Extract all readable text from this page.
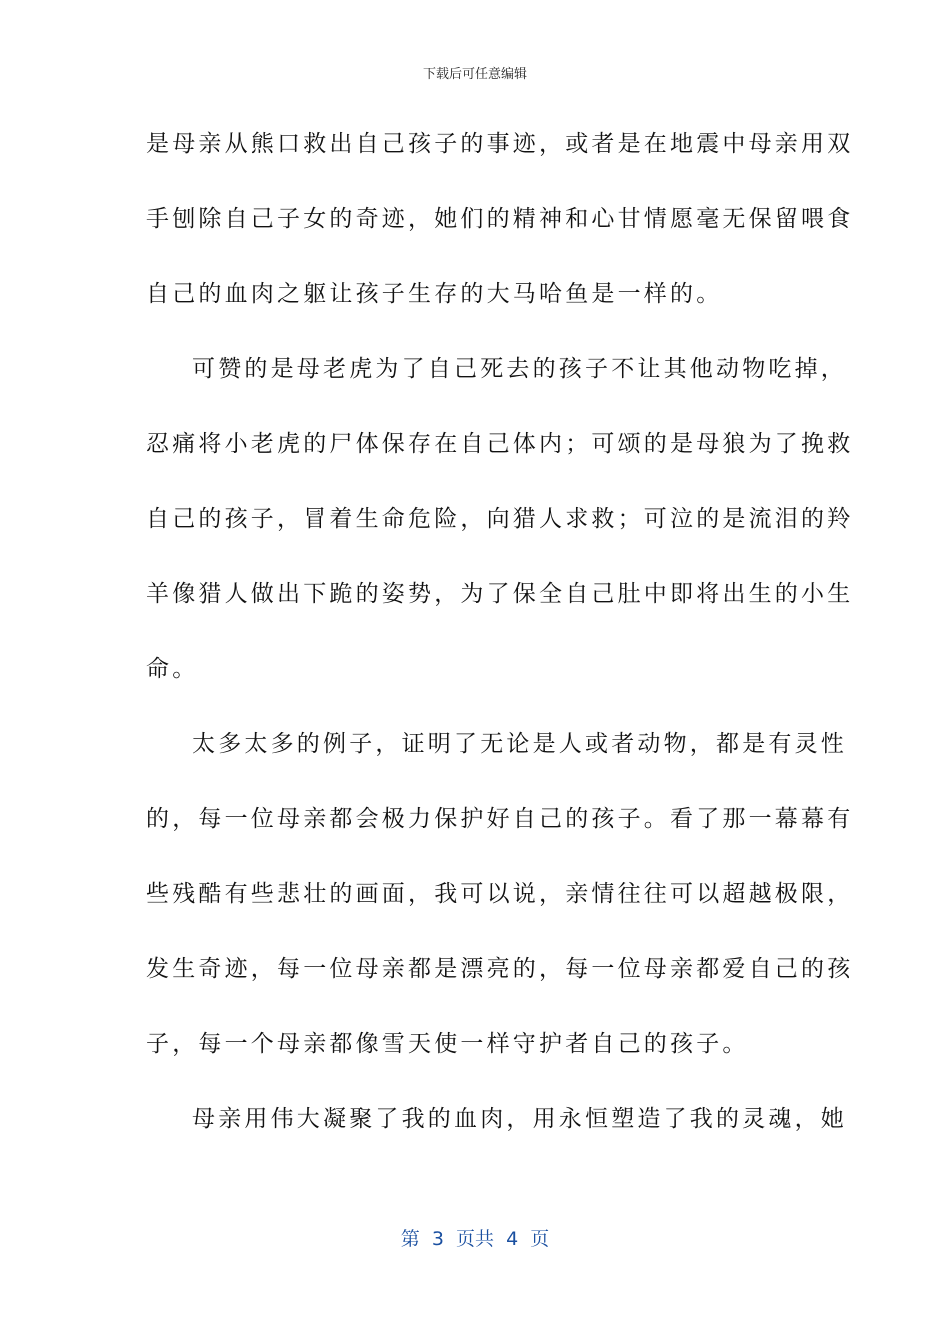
下载后可任意编辑
是母亲从熊口救出自己孩子的事迹，或者是在地震中母亲用双
手刨除自己子女的奇迹，她们的精神和心甘情愿毫无保留喂食
自己的血肉之躯让孩子生存的大马哈鱼是一样的。
可赞的是母老虎为了自己死去的孩子不让其他动物吃掉，
忍痛将小老虎的尸体保存在自己体内；可颂的是母狼为了挽救
自己的孩子，冒着生命危险，向猎人求救；可泣的是流泪的羚
羊像猎人做出下跪的姿势，为了保全自己肚中即将出生的小生
命。
太多太多的例子，证明了无论是人或者动物，都是有灵性
的，每一位母亲都会极力保护好自己的孩子。看了那一幕幕有
些残酷有些悲壮的画面，我可以说，亲情往往可以超越极限，
发生奇迹，每一位母亲都是漂亮的，每一位母亲都爱自己的孩
子，每一个母亲都像雪天使一样守护者自己的孩子。
母亲用伟大凝聚了我的血肉，用永恒塑造了我的灵魂，她
第  3  页共  4  页
